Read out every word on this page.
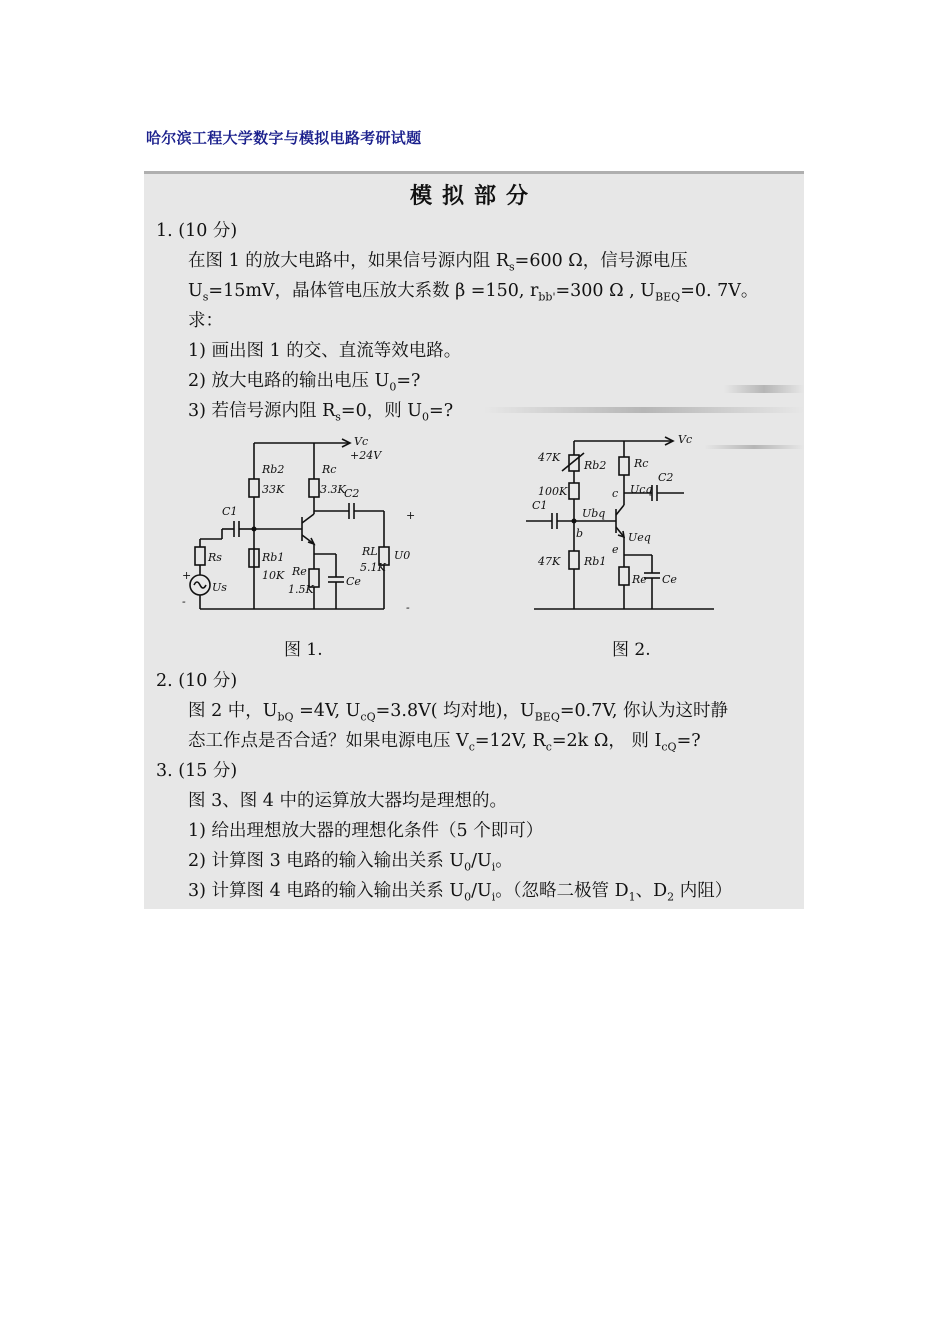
哈尔滨工程大学数字与模拟电路考研试题
模拟部分
1. (10 分)
在图 1 的放大电路中，如果信号源内阻 $R_s=600$ Ω，信号源电压
$U_s=15mV$，晶体管电压放大系数 β =150, $r_{bb'}=300$ Ω , $U_{BEQ}=0$. 7V。
求：
1) 画出图 1 的交、直流等效电路。
2) 放大电路的输出电压 $U_0=$?
3) 若信号源内阻 $R_s=0$，则 $U_0=$?
Vc
+24V
Rb2
33K
Rc
3.3K
C1
Rs
Us
+
-
Rb1
10K Re
1.5K
Ce
C2
RL
5.1K
+
U0
-
图 1.
Vc
47K
Rb2
100K
47K Rb1
C1
Ubq
b
Rc
c Ucq
C2
Ueq
e
Re Ce
图 2.
2. (10 分)
图 2 中，$U_{bQ} =4V$, $U_{cQ}=3.8V$( 均对地)，$U_{BEQ}=0.7V$, 你认为这时静
态工作点是否合适？如果电源电压 $V_c=12V$, $R_c=2k$ Ω， 则 $I_{cQ}=$?
3. (15 分)
图 3、图 4 中的运算放大器均是理想的。
1) 给出理想放大器的理想化条件（5 个即可）
2) 计算图 3 电路的输入输出关系 $U_0/U_i$。
3) 计算图 4 电路的输入输出关系 $U_0/U_i$。（忽略二极管 $D_1$、$D_2$ 内阻）
